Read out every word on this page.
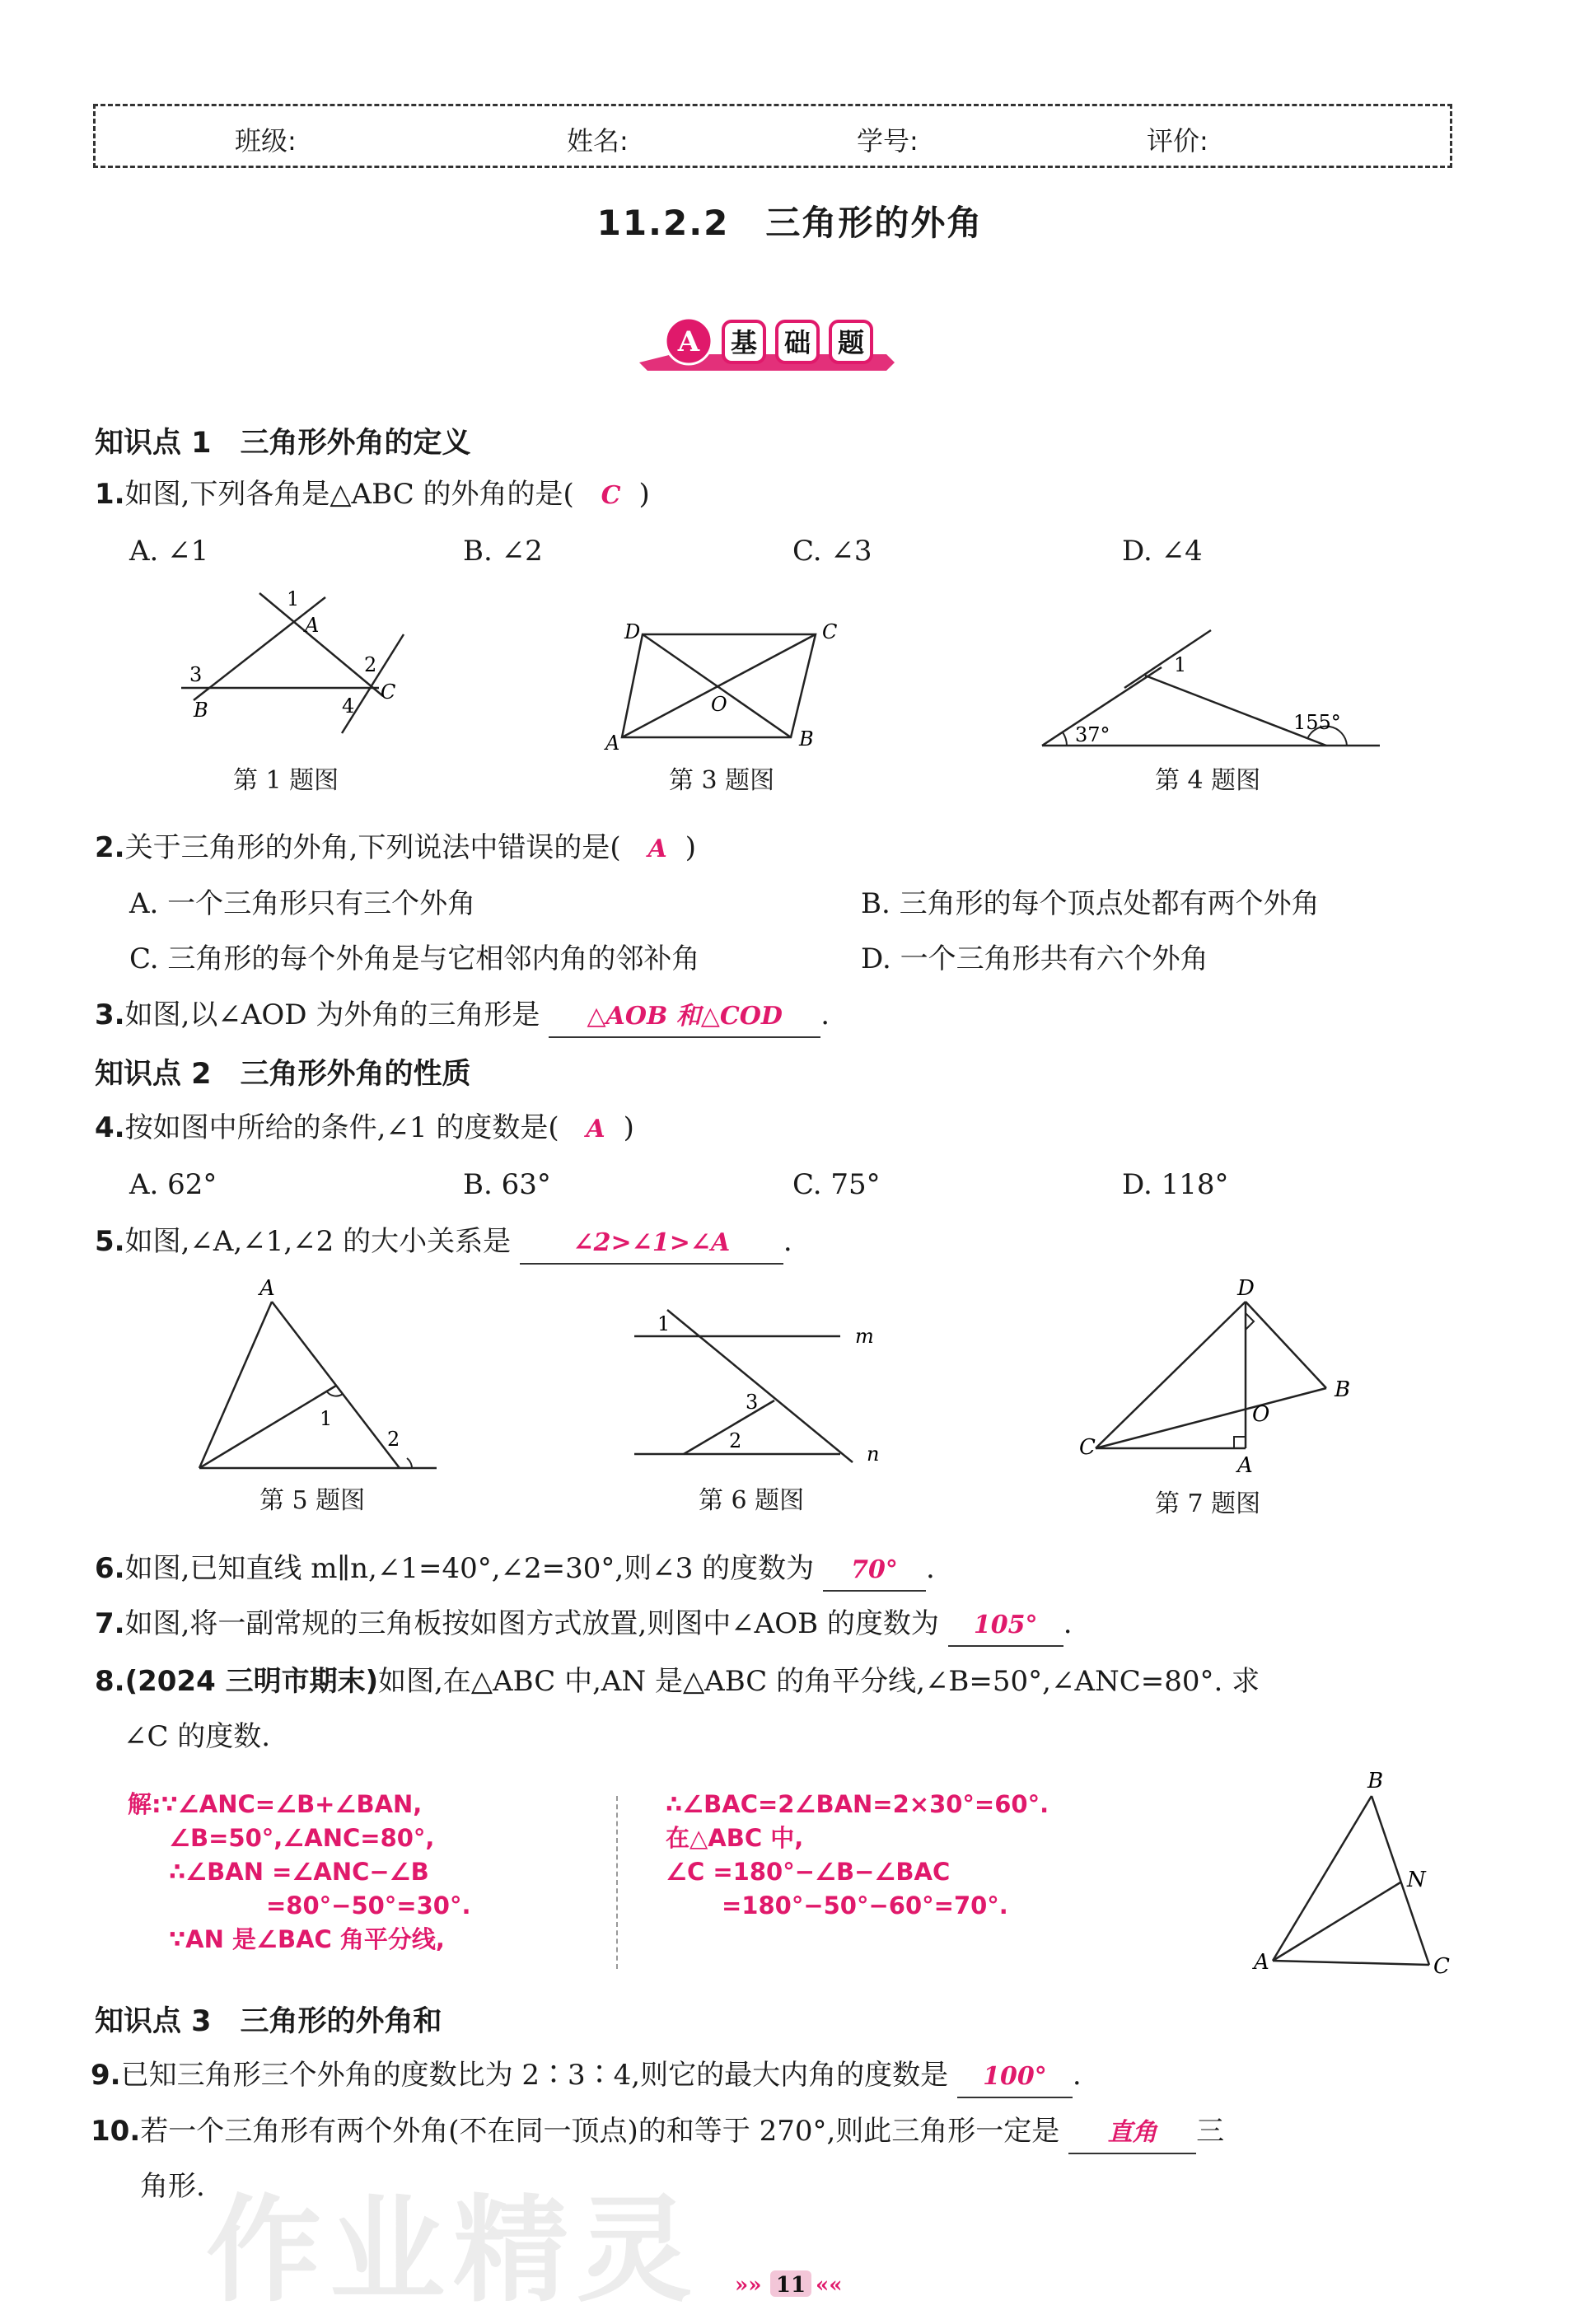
班级:	姓名:	学号:	评价:
11.2.2　三角形的外角
A 基 础 题
知识点 1　三角形外角的定义
1.如图,下列各角是△ABC 的外角的是( C )
A. ∠1	B. ∠2	C. ∠3	D. ∠4
1
A
2
3
B	4
C
第 1 题图
D	C
O
A	B
第 3 题图
1
37°
155°
第 4 题图
2.关于三角形的外角,下列说法中错误的是( A )
A. 一个三角形只有三个外角	B. 三角形的每个顶点处都有两个外角
C. 三角形的每个外角是与它相邻内角的邻补角	D. 一个三角形共有六个外角
3.如图,以∠AOD 为外角的三角形是 △AOB 和△COD .
知识点 2　三角形外角的性质
4.按如图中所给的条件,∠1 的度数是( A )
A. 62°	B. 63°	C. 75°	D. 118°
5.如图,∠A,∠1,∠2 的大小关系是	∠2>∠1>∠A .
A
1
2
第 5 题图
1
m
3
2
n
第 6 题图
D
B
O
C
A
第 7 题图
6.如图,已知直线 m∥n,∠1=40°,∠2=30°,则∠3 的度数为 70° .
7.如图,将一副常规的三角板按如图方式放置,则图中∠AOB 的度数为 105° .
8.(2024 三明市期末)如图,在△ABC 中,AN 是△ABC 的角平分线,∠B=50°,∠ANC=80°. 求
∠C 的度数.
解:∵∠ANC=∠B+∠BAN,
∠B=50°,∠ANC=80°,
∴∠BAN =∠ANC−∠B
=80°−50°=30°.
∵AN 是∠BAC 角平分线,
∴∠BAC=2∠BAN=2×30°=60°.
在△ABC 中,
∠C =180°−∠B−∠BAC
=180°−50°−60°=70°.
B
N
A	C
知识点 3　三角形的外角和
9.已知三角形三个外角的度数比为 2∶3∶4,则它的最大内角的度数是 100° .
10.若一个三角形有两个外角(不在同一顶点)的和等于 270°,则此三角形一定是 直角 三
角形. 作业精灵 »» 11 ««
